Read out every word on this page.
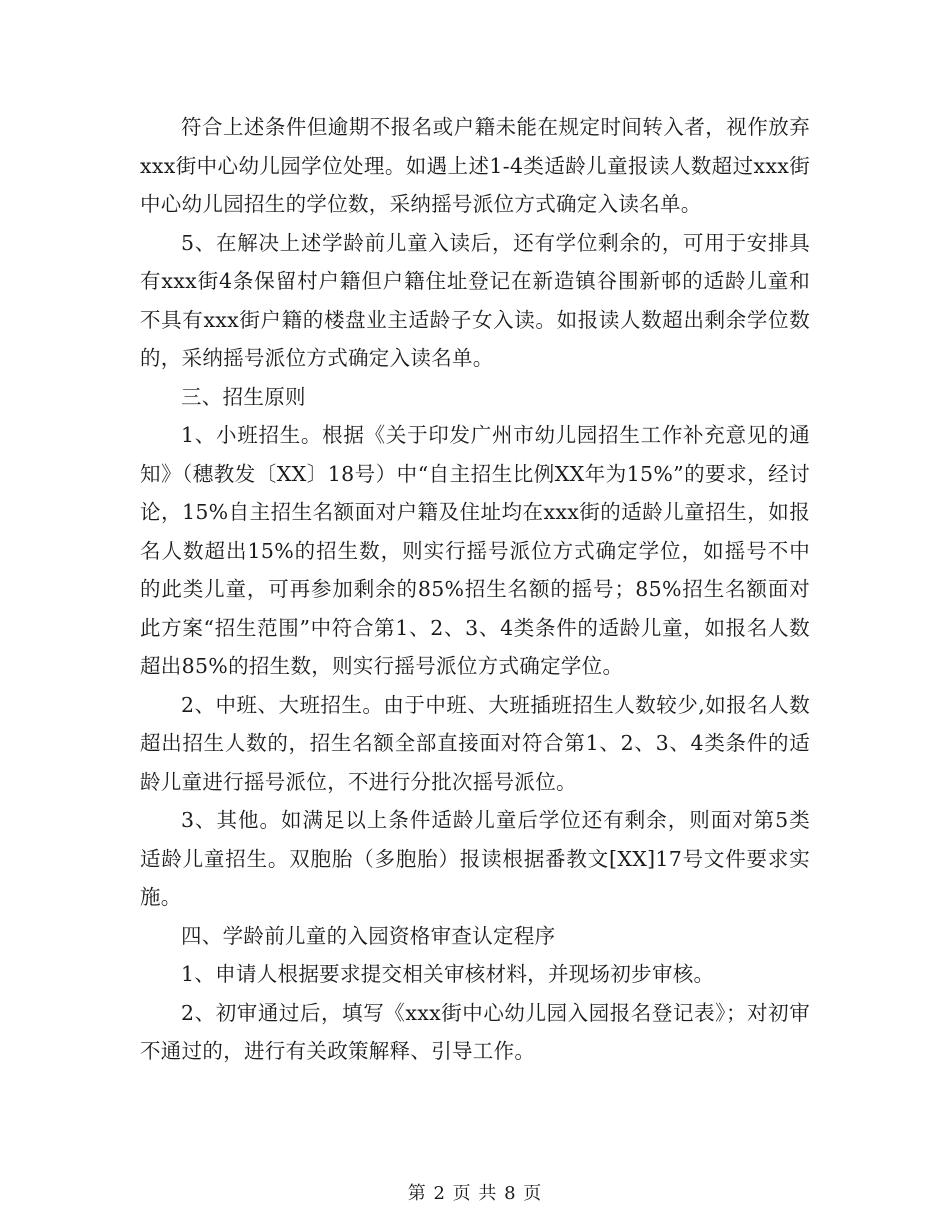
符合上述条件但逾期不报名或户籍未能在规定时间转入者，视作放弃xxx街中心幼儿园学位处理。如遇上述1-4类适龄儿童报读人数超过xxx街中心幼儿园招生的学位数，采纳摇号派位方式确定入读名单。

5、在解决上述学龄前儿童入读后，还有学位剩余的，可用于安排具有xxx街4条保留村户籍但户籍住址登记在新造镇谷围新邨的适龄儿童和不具有xxx街户籍的楼盘业主适龄子女入读。如报读人数超出剩余学位数的，采纳摇号派位方式确定入读名单。

三、招生原则

1、小班招生。根据《关于印发广州市幼儿园招生工作补充意见的通知》（穗教发〔XX〕18号）中“自主招生比例XX年为15%”的要求，经讨论，15%自主招生名额面对户籍及住址均在xxx街的适龄儿童招生，如报名人数超出15%的招生数，则实行摇号派位方式确定学位，如摇号不中的此类儿童，可再参加剩余的85%招生名额的摇号；85%招生名额面对此方案“招生范围”中符合第1、2、3、4类条件的适龄儿童，如报名人数超出85%的招生数，则实行摇号派位方式确定学位。

2、中班、大班招生。由于中班、大班插班招生人数较少,如报名人数超出招生人数的，招生名额全部直接面对符合第1、2、3、4类条件的适龄儿童进行摇号派位，不进行分批次摇号派位。

3、其他。如满足以上条件适龄儿童后学位还有剩余，则面对第5类适龄儿童招生。双胞胎（多胞胎）报读根据番教文[XX]17号文件要求实施。

四、学龄前儿童的入园资格审查认定程序

1、申请人根据要求提交相关审核材料，并现场初步审核。

2、初审通过后，填写《xxx街中心幼儿园入园报名登记表》；对初审不通过的，进行有关政策解释、引导工作。

第 2 页 共 8 页
